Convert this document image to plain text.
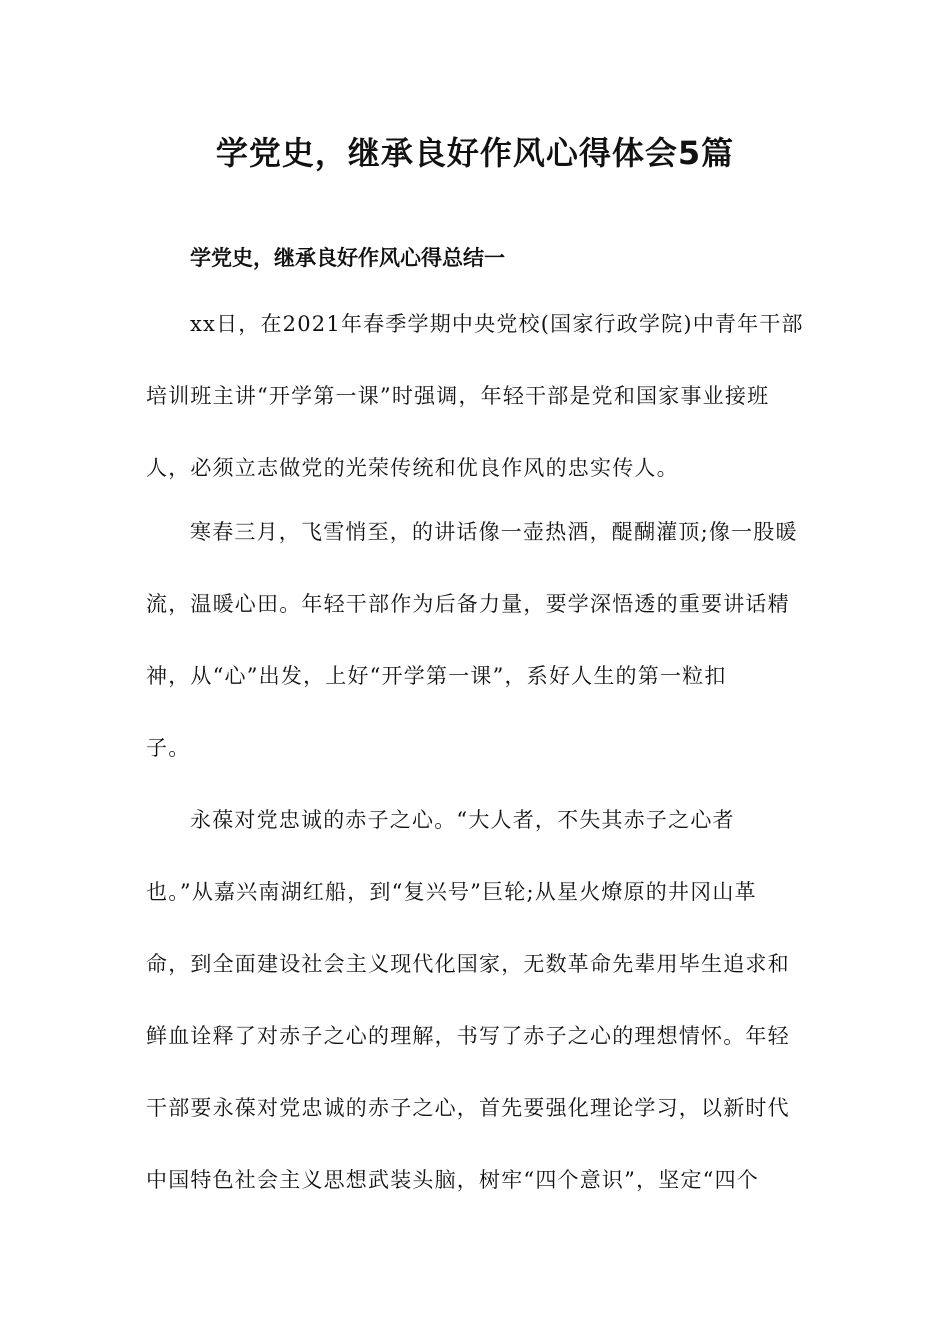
学党史，继承良好作风心得体会5篇
学党史，继承良好作风心得总结一

xx日，在2021年春季学期中央党校(国家行政学院)中青年干部

培训班主讲“开学第一课”时强调，年轻干部是党和国家事业接班

人，必须立志做党的光荣传统和优良作风的忠实传人。

寒春三月，飞雪悄至，的讲话像一壶热酒，醍醐灌顶;像一股暖

流，温暖心田。年轻干部作为后备力量，要学深悟透的重要讲话精

神，从“心”出发，上好“开学第一课”，系好人生的第一粒扣

子。

永葆对党忠诚的赤子之心。“大人者，不失其赤子之心者

也。”从嘉兴南湖红船，到“复兴号”巨轮;从星火燎原的井冈山革

命，到全面建设社会主义现代化国家，无数革命先辈用毕生追求和

鲜血诠释了对赤子之心的理解，书写了赤子之心的理想情怀。年轻

干部要永葆对党忠诚的赤子之心，首先要强化理论学习，以新时代

中国特色社会主义思想武装头脑，树牢“四个意识”，坚定“四个
